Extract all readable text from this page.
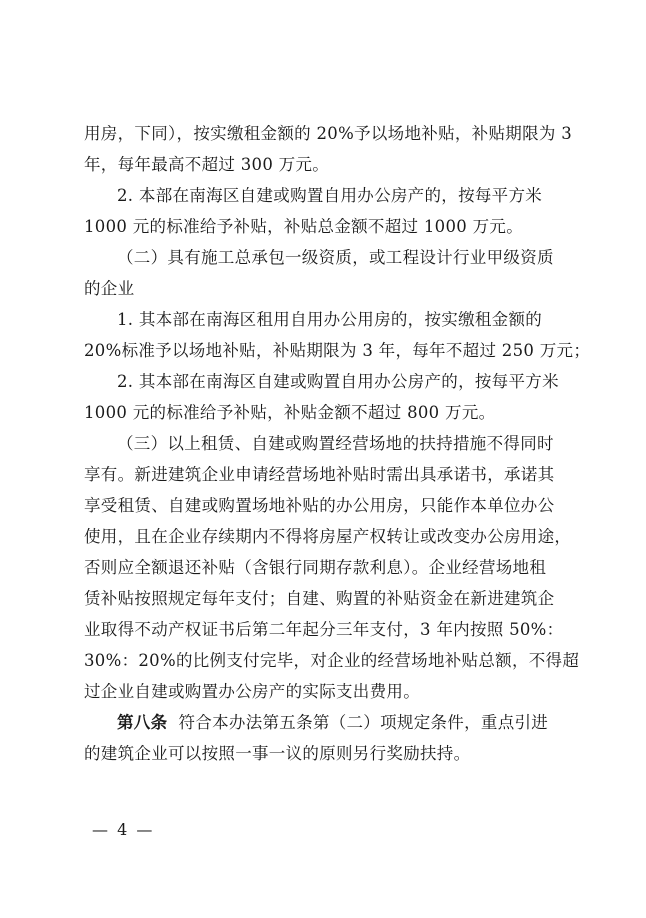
用房，下同），按实缴租金额的 20%予以场地补贴，补贴期限为 3
年，每年最高不超过 300 万元。
2. 本部在南海区自建或购置自用办公房产的，按每平方米
1000 元的标准给予补贴，补贴总金额不超过 1000 万元。
（二）具有施工总承包一级资质，或工程设计行业甲级资质
的企业
1. 其本部在南海区租用自用办公用房的，按实缴租金额的
20%标准予以场地补贴，补贴期限为 3 年，每年不超过 250 万元；
2. 其本部在南海区自建或购置自用办公房产的，按每平方米
1000 元的标准给予补贴，补贴金额不超过 800 万元。
（三）以上租赁、自建或购置经营场地的扶持措施不得同时
享有。新进建筑企业申请经营场地补贴时需出具承诺书，承诺其
享受租赁、自建或购置场地补贴的办公用房，只能作本单位办公
使用，且在企业存续期内不得将房屋产权转让或改变办公房用途，
否则应全额退还补贴（含银行同期存款利息）。企业经营场地租
赁补贴按照规定每年支付；自建、购置的补贴资金在新进建筑企
业取得不动产权证书后第二年起分三年支付，3 年内按照 50%：
30%：20%的比例支付完毕，对企业的经营场地补贴总额，不得超
过企业自建或购置办公房产的实际支出费用。
第八条  符合本办法第五条第（二）项规定条件，重点引进
的建筑企业可以按照一事一议的原则另行奖励扶持。
— 4 —
